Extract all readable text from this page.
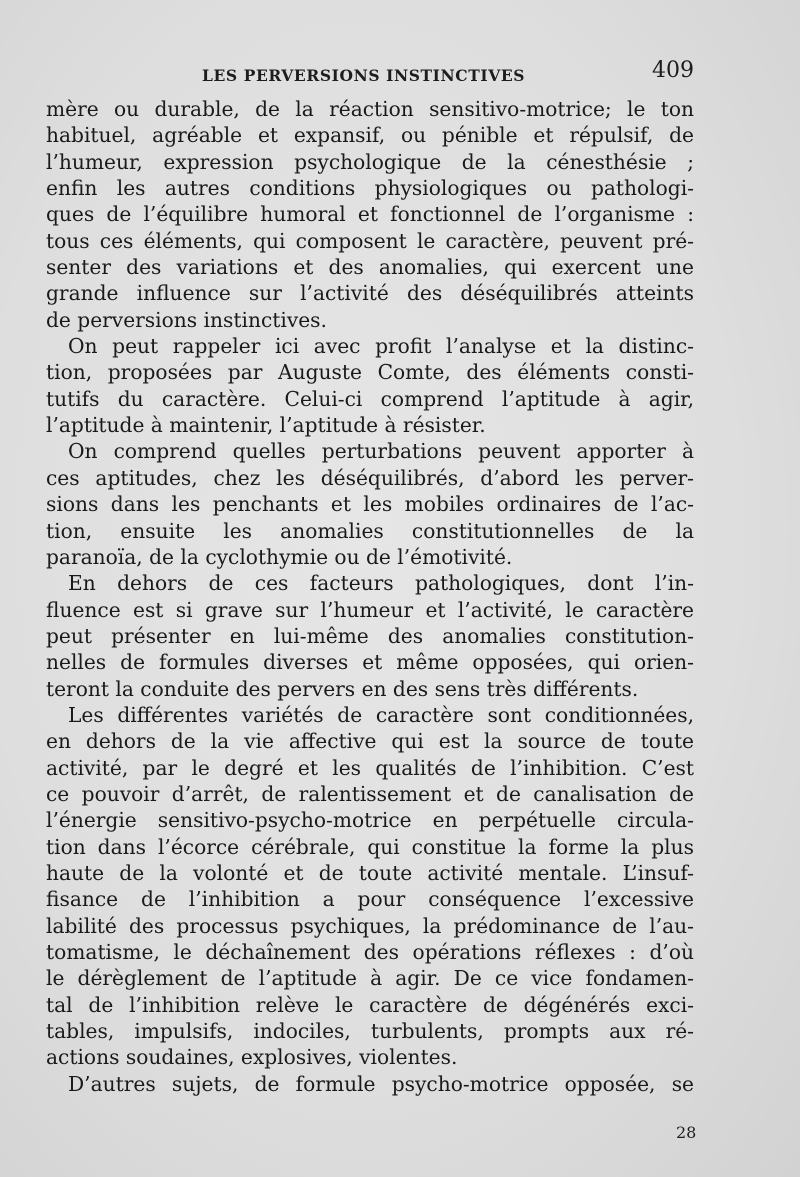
LES PERVERSIONS INSTINCTIVES	409
mère ou durable, de la réaction sensitivo-motrice; le ton
habituel, agréable et expansif, ou pénible et répulsif, de
l’humeur, expression psychologique de la cénesthésie ;
enfin les autres conditions physiologiques ou pathologi-
ques de l’équilibre humoral et fonctionnel de l’organisme :
tous ces éléments, qui composent le caractère, peuvent pré-
senter des variations et des anomalies, qui exercent une
grande influence sur l’activité des déséquilibrés atteints
de perversions instinctives.
On peut rappeler ici avec profit l’analyse et la distinc-
tion, proposées par Auguste Comte, des éléments consti-
tutifs du caractère. Celui-ci comprend l’aptitude à agir,
l’aptitude à maintenir, l’aptitude à résister.
On comprend quelles perturbations peuvent apporter à
ces aptitudes, chez les déséquilibrés, d’abord les perver-
sions dans les penchants et les mobiles ordinaires de l’ac-
tion, ensuite les anomalies constitutionnelles de la
paranoïa, de la cyclothymie ou de l’émotivité.
En dehors de ces facteurs pathologiques, dont l’in-
fluence est si grave sur l’humeur et l’activité, le caractère
peut présenter en lui-même des anomalies constitution-
nelles de formules diverses et même opposées, qui orien-
teront la conduite des pervers en des sens très différents.
Les différentes variétés de caractère sont conditionnées,
en dehors de la vie affective qui est la source de toute
activité, par le degré et les qualités de l’inhibition. C’est
ce pouvoir d’arrêt, de ralentissement et de canalisation de
l’énergie sensitivo-psycho-motrice en perpétuelle circula-
tion dans l’écorce cérébrale, qui constitue la forme la plus
haute de la volonté et de toute activité mentale. L’insuf-
fisance de l’inhibition a pour conséquence l’excessive
labilité des processus psychiques, la prédominance de l’au-
tomatisme, le déchaînement des opérations réflexes : d’où
le dérèglement de l’aptitude à agir. De ce vice fondamen-
tal de l’inhibition relève le caractère de dégénérés exci-
tables, impulsifs, indociles, turbulents, prompts aux ré-
actions soudaines, explosives, violentes.
D’autres sujets, de formule psycho-motrice opposée, se
28
